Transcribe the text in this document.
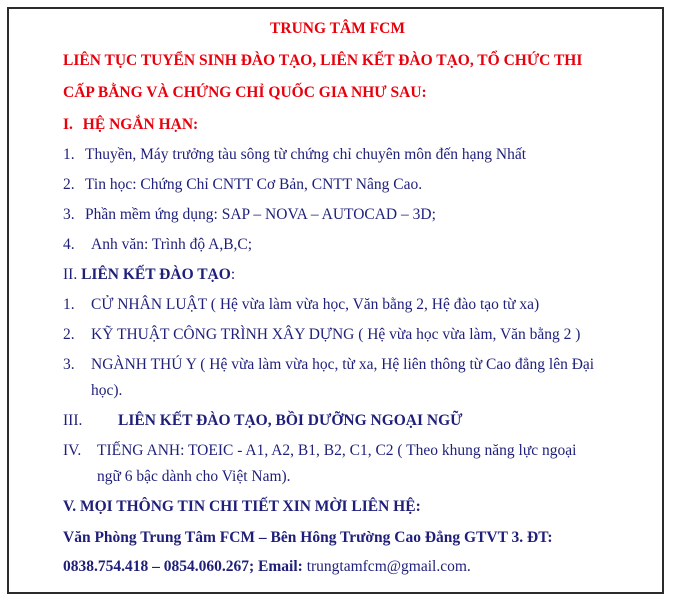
TRUNG TÂM FCM
LIÊN TỤC TUYỂN SINH ĐÀO TẠO, LIÊN KẾT ĐÀO TẠO, TỔ CHỨC THI
CẤP BẰNG VÀ CHỨNG CHỈ QUỐC GIA NHƯ SAU:
I. HỆ NGẮN HẠN:
1. Thuyền, Máy trưởng tàu sông từ chứng chỉ chuyên môn đến hạng Nhất
2. Tin học: Chứng Chỉ CNTT Cơ Bản, CNTT Nâng Cao.
3. Phần mềm ứng dụng: SAP – NOVA – AUTOCAD – 3D;
4. Anh văn: Trình độ A,B,C;
II. LIÊN KẾT ĐÀO TẠO:
1. CỬ NHÂN LUẬT ( Hệ vừa làm vừa học, Văn bằng 2, Hệ đào tạo từ xa)
2. KỸ THUẬT CÔNG TRÌNH XÂY DỰNG ( Hệ vừa học vừa làm, Văn bằng 2 )
3. NGÀNH THÚ Y ( Hệ vừa làm vừa học, từ xa, Hệ liên thông từ Cao đẳng lên Đại
học).
III. LIÊN KẾT ĐÀO TẠO, BỒI DƯỠNG NGOẠI NGỮ
IV. TIẾNG ANH: TOEIC - A1, A2, B1, B2, C1, C2 ( Theo khung năng lực ngoại
ngữ 6 bậc dành cho Việt Nam).
V. MỌI THÔNG TIN CHI TIẾT XIN MỜI LIÊN HỆ:
Văn Phòng Trung Tâm FCM – Bên Hông Trường Cao Đẳng GTVT 3. ĐT:
0838.754.418 – 0854.060.267; Email: trungtamfcm@gmail.com.
